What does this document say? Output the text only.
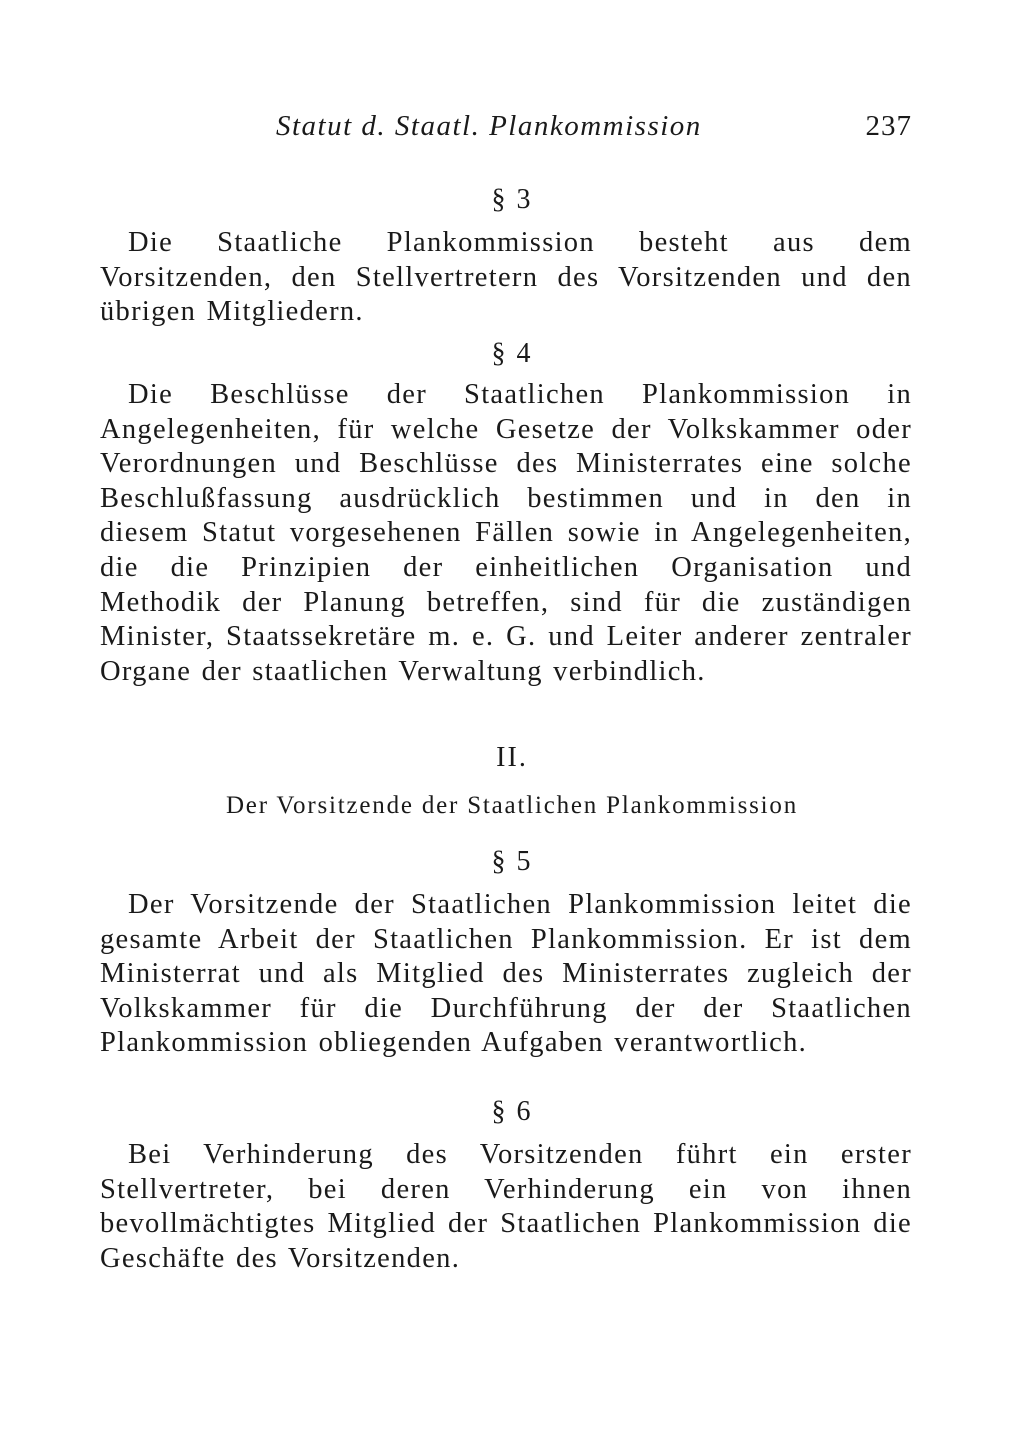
Statut d. Staatl. Plankommission	237
§ 3

Die Staatliche Plankommission besteht aus dem Vorsitzenden, den Stellvertretern des Vorsitzenden und den übrigen Mitgliedern.

§ 4

Die Beschlüsse der Staatlichen Plankommission in Angelegenheiten, für welche Gesetze der Volkskammer oder Verordnungen und Beschlüsse des Ministerrates eine solche Beschlußfassung ausdrücklich bestimmen und in den in diesem Statut vorgesehenen Fällen sowie in Angelegenheiten, die die Prinzipien der einheitlichen Organisation und Methodik der Planung betreffen, sind für die zuständigen Minister, Staatssekretäre m. e. G. und Leiter anderer zentraler Organe der staatlichen Verwaltung verbindlich.

II.
Der Vorsitzende der Staatlichen Plankommission
§ 5

Der Vorsitzende der Staatlichen Plankommission leitet die gesamte Arbeit der Staatlichen Plankommission. Er ist dem Ministerrat und als Mitglied des Ministerrates zugleich der Volkskammer für die Durchführung der der Staatlichen Plankommission obliegenden Aufgaben verantwortlich.

§ 6

Bei Verhinderung des Vorsitzenden führt ein erster Stellvertreter, bei deren Verhinderung ein von ihnen bevollmächtigtes Mitglied der Staatlichen Plankommission die Geschäfte des Vorsitzenden.
